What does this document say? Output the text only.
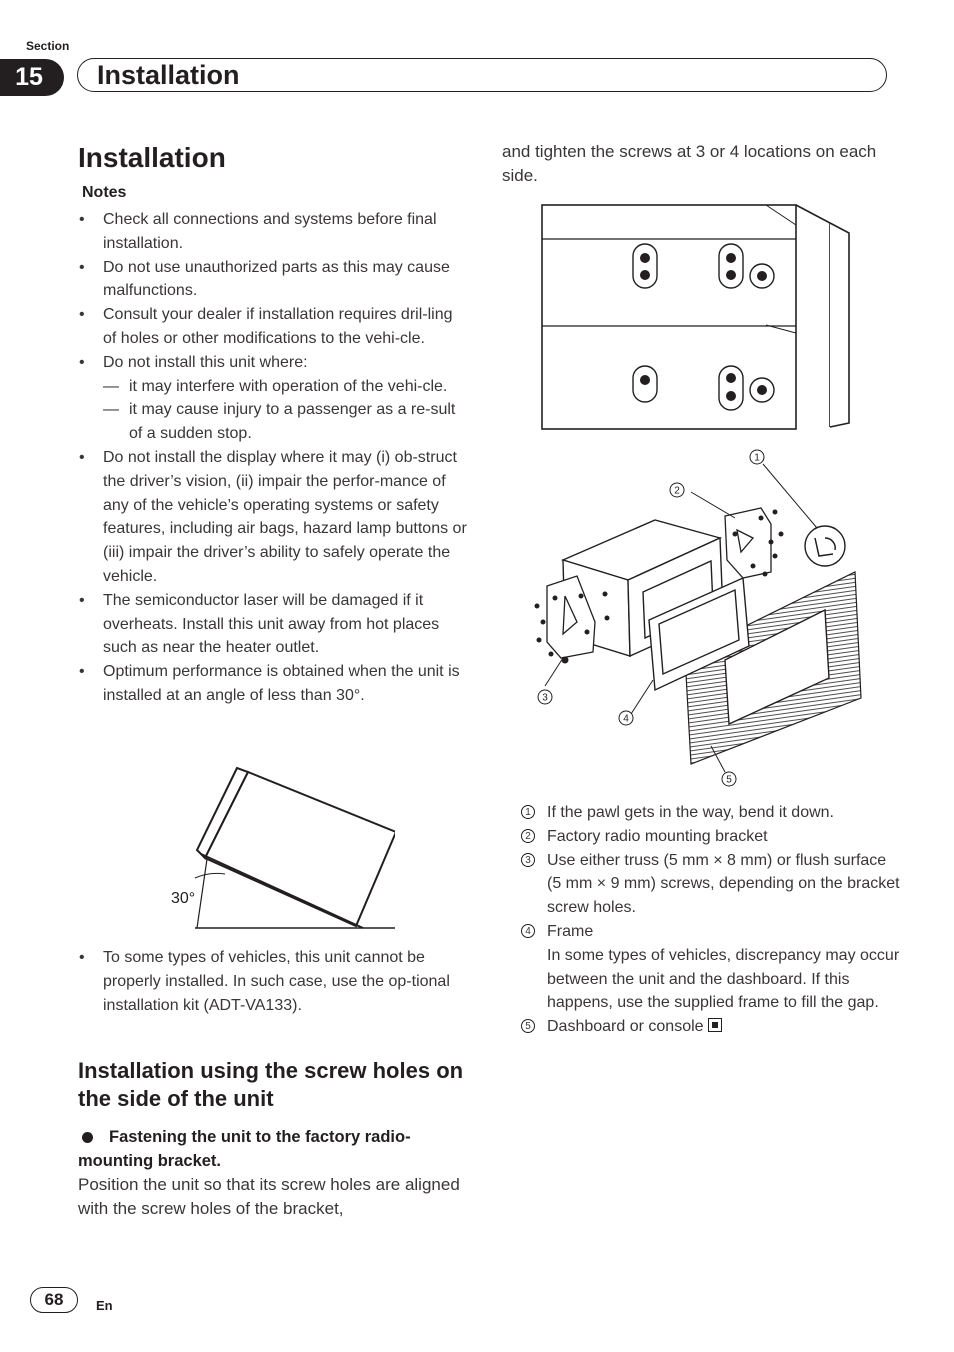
Section
15	Installation
Installation
Notes
• Check all connections and systems before final installation.
• Do not use unauthorized parts as this may cause malfunctions.
• Consult your dealer if installation requires dril-ling of holes or other modifications to the vehi-cle.
• Do not install this unit where:
— it may interfere with operation of the vehi-cle.
— it may cause injury to a passenger as a re-sult of a sudden stop.
• Do not install the display where it may (i) ob-struct the driver’s vision, (ii) impair the perfor-mance of any of the vehicle’s operating systems or safety features, including air bags, hazard lamp buttons or (iii) impair the driver’s ability to safely operate the vehicle.
• The semiconductor laser will be damaged if it overheats. Install this unit away from hot places such as near the heater outlet.
• Optimum performance is obtained when the unit is installed at an angle of less than 30°.
30°
• To some types of vehicles, this unit cannot be properly installed. In such case, use the op-tional installation kit (ADT-VA133).
Installation using the screw holes on the side of the unit
Fastening the unit to the factory radio-mounting bracket.
Position the unit so that its screw holes are aligned with the screw holes of the bracket,
and tighten the screws at 3 or 4 locations on each side.
1
2
3
4
5
1 If the pawl gets in the way, bend it down.
2 Factory radio mounting bracket
3 Use either truss (5 mm × 8 mm) or flush surface (5 mm × 9 mm) screws, depending on the bracket screw holes.
4 Frame
In some types of vehicles, discrepancy may occur between the unit and the dashboard. If this happens, use the supplied frame to fill the gap.
5 Dashboard or console
68	En
